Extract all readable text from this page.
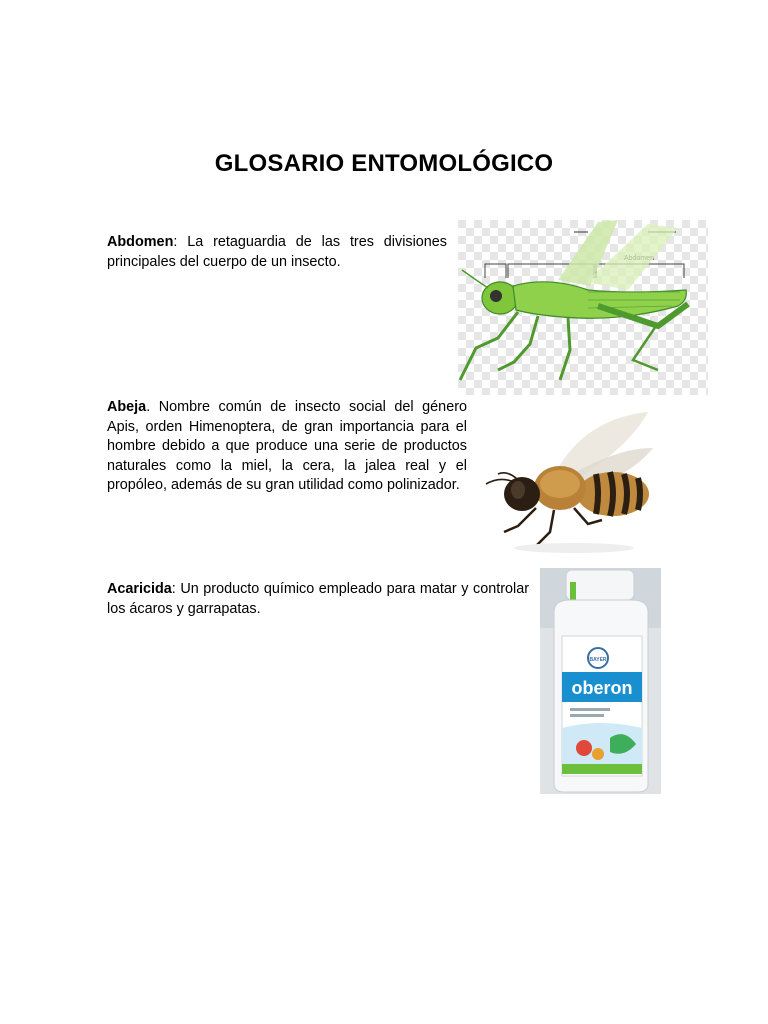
GLOSARIO ENTOMOLÓGICO
Abdomen: La retaguardia de las tres divisiones principales del cuerpo de un insecto.
Abeja. Nombre común de insecto social del género Apis, orden Himenoptera, de gran importancia para el hombre debido a que produce una serie de productos naturales como la miel, la cera, la jalea real y el propóleo, además de su gran utilidad como polinizador.
Acaricida: Un producto químico empleado para matar y controlar los ácaros y garrapatas.
BAYER
oberon
